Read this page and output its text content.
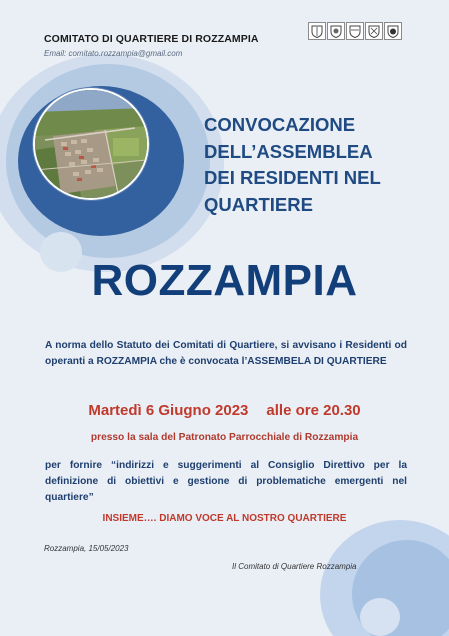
COMITATO DI QUARTIERE DI ROZZAMPIA
Email: comitato.rozzampia@gmail.com
CONVOCAZIONE
DELL’ASSEMBLEA
DEI RESIDENTI NEL
QUARTIERE
ROZZAMPIA
A norma dello Statuto dei Comitati di Quartiere, si avvisano i Residenti od operanti a ROZZAMPIA che è convocata l’ASSEMBELA DI QUARTIERE
Martedì 6 Giugno 2023 alle ore 20.30
presso la sala del Patronato Parrocchiale di Rozzampia
per fornire “indirizzi e suggerimenti al Consiglio Direttivo per la definizione di obiettivi e gestione di problematiche emergenti nel quartiere”
INSIEME…. DIAMO VOCE AL NOSTRO QUARTIERE
Rozzampia, 15/05/2023
Il Comitato di Quartiere Rozzampia
